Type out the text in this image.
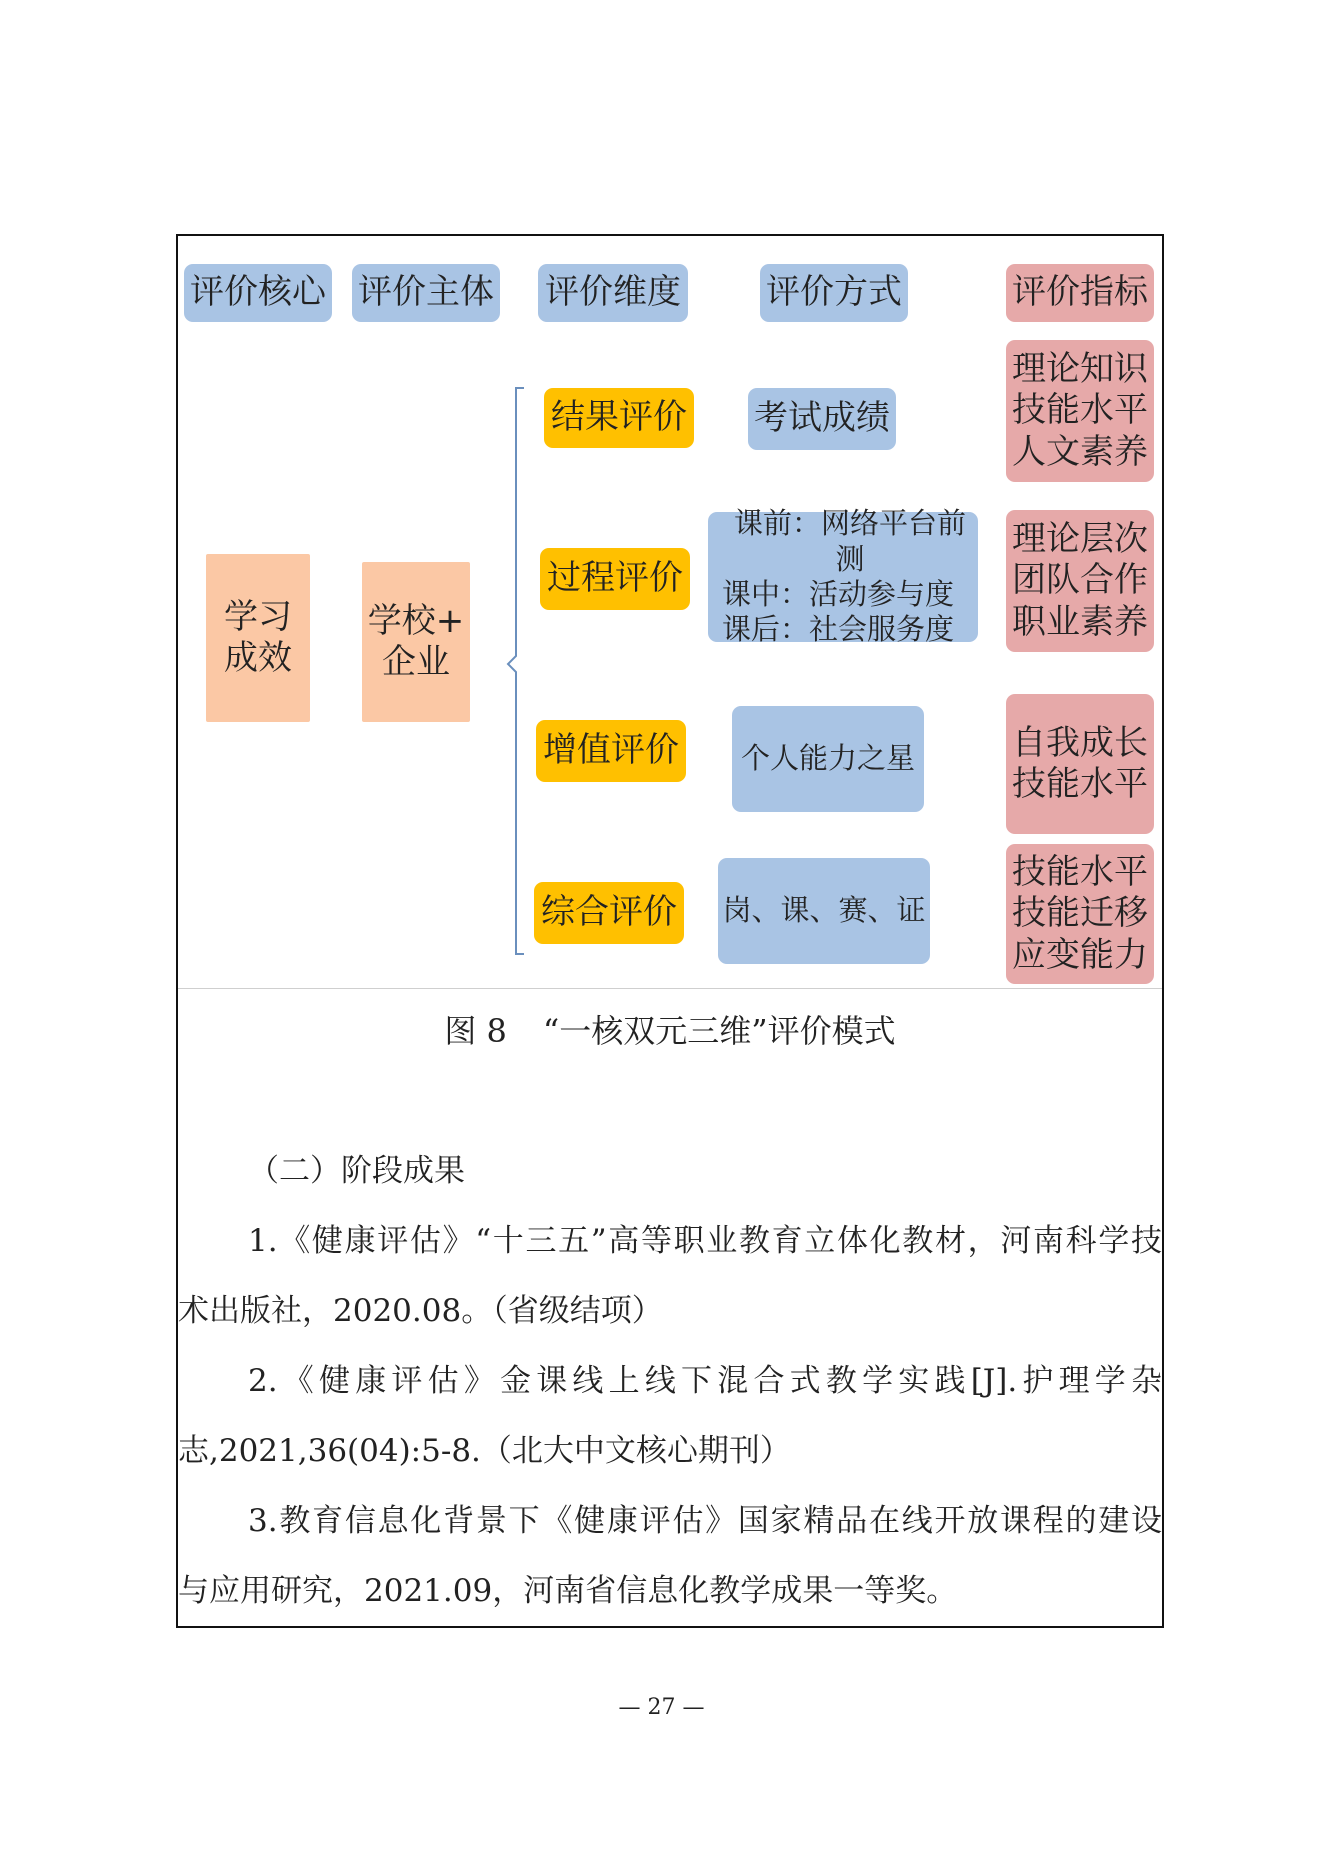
评价核心 评价主体 评价维度	评价方式	评价指标
学习
成效
学校+
企业
结果评价
过程评价
增值评价
综合评价
考试成绩
课前：网络平台前测
课中：活动参与度
课后：社会服务度
个人能力之星
岗、课、赛、证
理论知识
技能水平
人文素养
理论层次
团队合作
职业素养
自我成长
技能水平
技能水平
技能迁移
应变能力
图 8 “一核双元三维”评价模式

（二）阶段成果

1.《健康评估》“十三五”高等职业教育立体化教材，河南科学技

术出版社，2020.08。（省级结项）

2.《健康评估》金课线上线下混合式教学实践[J].护理学杂

志,2021,36(04):5-8.（北大中文核心期刊）

3.教育信息化背景下《健康评估》国家精品在线开放课程的建设

与应用研究，2021.09，河南省信息化教学成果一等奖。

— 27 —
